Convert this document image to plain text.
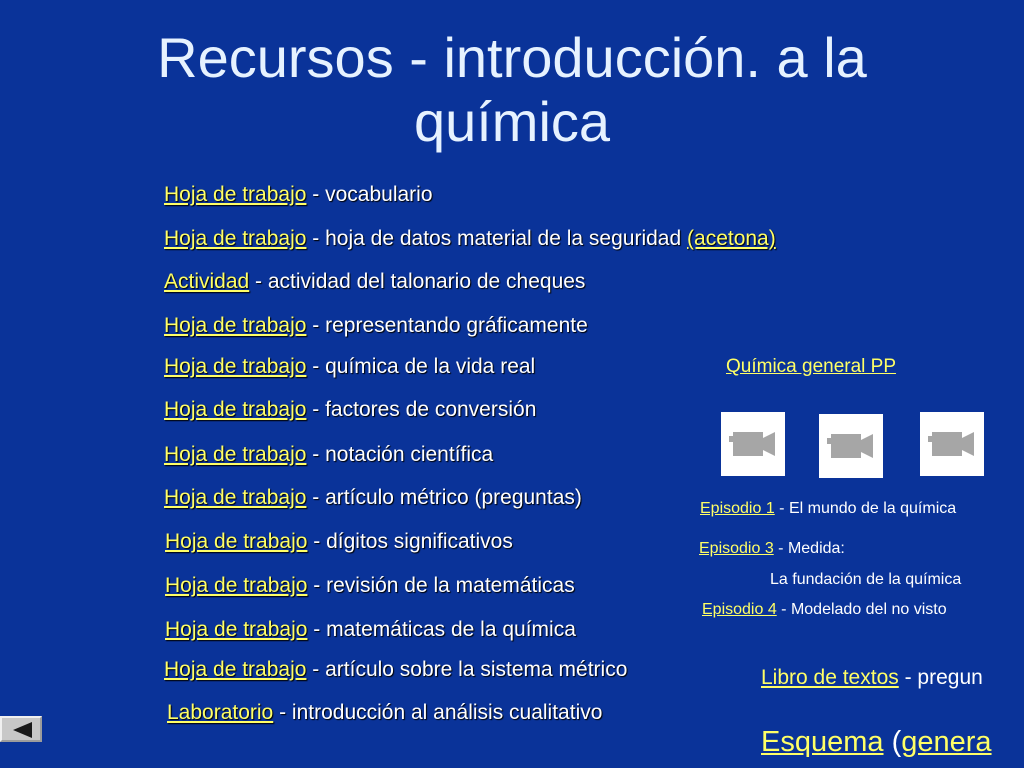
Recursos - introducción. a la química
Hoja de trabajo - vocabulario
Hoja de trabajo - hoja de datos material de la seguridad (acetona)
Actividad - actividad del talonario de cheques
Hoja de trabajo - representando gráficamente
Hoja de trabajo - química de la vida real
Hoja de trabajo - factores de conversión
Hoja de trabajo - notación científica
Hoja de trabajo - artículo métrico (preguntas)
Hoja de trabajo - dígitos significativos
Hoja de trabajo - revisión de la matemáticas
Hoja de trabajo - matemáticas de la química
Hoja de trabajo - artículo sobre la sistema métrico
Laboratorio - introducción al análisis cualitativo
Química general PP
Episodio 1 - El mundo de la química
Episodio 3 - Medida:
La fundación de la química
Episodio 4 - Modelado del no visto
Libro de textos - pregun
Esquema (genera
